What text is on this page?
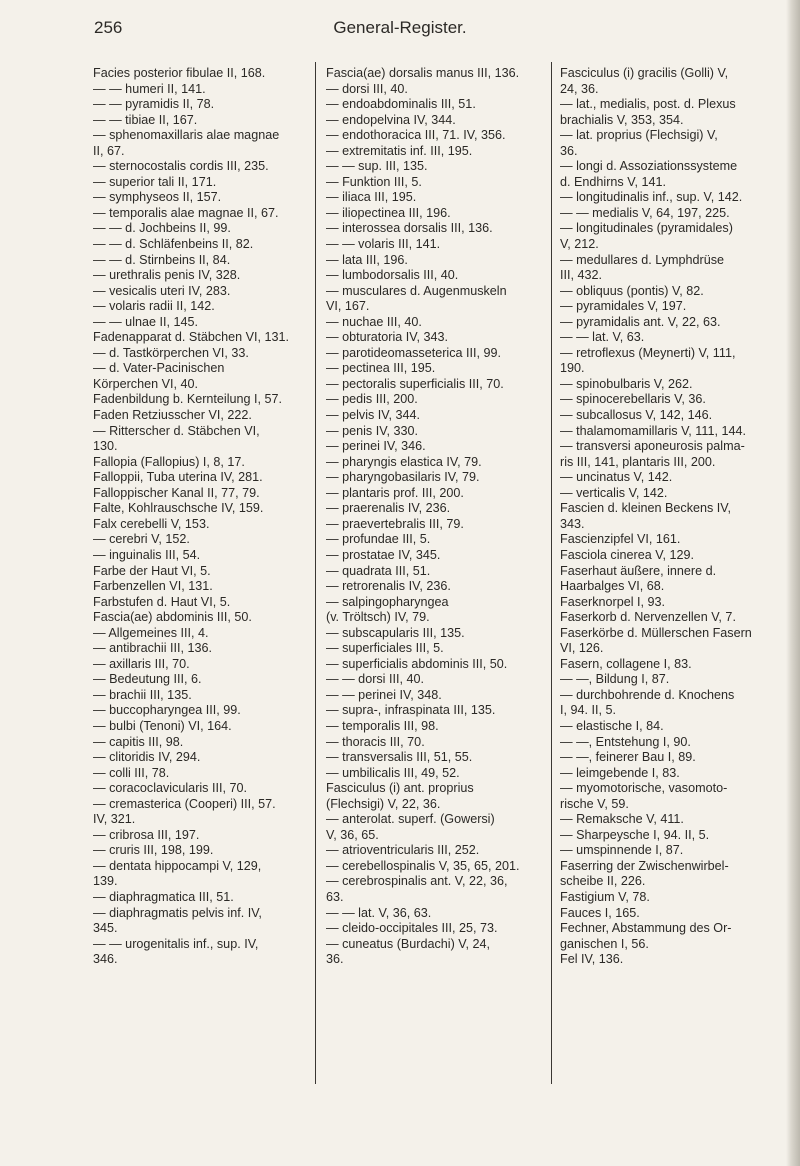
256	General-Register.
Facies posterior fibulae II, 168.
— — humeri II, 141.
— — pyramidis II, 78.
— — tibiae II, 167.
— sphenomaxillaris alae magnae
II, 67.
— sternocostalis cordis III, 235.
— superior tali II, 171.
— symphyseos II, 157.
— temporalis alae magnae II, 67.
— — d. Jochbeins II, 99.
— — d. Schläfenbeins II, 82.
— — d. Stirnbeins II, 84.
— urethralis penis IV, 328.
— vesicalis uteri IV, 283.
— volaris radii II, 142.
— — ulnae II, 145.
Fadenapparat d. Stäbchen VI, 131.
— d. Tastkörperchen VI, 33.
— d. Vater-Pacinischen
Körperchen VI, 40.
Fadenbildung b. Kernteilung I, 57.
Faden Retziusscher VI, 222.
— Ritterscher d. Stäbchen VI,
130.
Fallopia (Fallopius) I, 8, 17.
Falloppii, Tuba uterina IV, 281.
Falloppischer Kanal II, 77, 79.
Falte, Kohlrauschsche IV, 159.
Falx cerebelli V, 153.
— cerebri V, 152.
— inguinalis III, 54.
Farbe der Haut VI, 5.
Farbenzellen VI, 131.
Farbstufen d. Haut VI, 5.
Fascia(ae) abdominis III, 50.
— Allgemeines III, 4.
— antibrachii III, 136.
— axillaris III, 70.
— Bedeutung III, 6.
— brachii III, 135.
— buccopharyngea III, 99.
— bulbi (Tenoni) VI, 164.
— capitis III, 98.
— clitoridis IV, 294.
— colli III, 78.
— coracoclavicularis III, 70.
— cremasterica (Cooperi) III, 57.
IV, 321.
— cribrosa III, 197.
— cruris III, 198, 199.
— dentata hippocampi V, 129,
139.
— diaphragmatica III, 51.
— diaphragmatis pelvis inf. IV,
345.
— — urogenitalis inf., sup. IV,
346.
Fascia(ae) dorsalis manus III, 136.
— dorsi III, 40.
— endoabdominalis III, 51.
— endopelvina IV, 344.
— endothoracica III, 71. IV, 356.
— extremitatis inf. III, 195.
— — sup. III, 135.
— Funktion III, 5.
— iliaca III, 195.
— iliopectinea III, 196.
— interossea dorsalis III, 136.
— — volaris III, 141.
— lata III, 196.
— lumbodorsalis III, 40.
— musculares d. Augenmuskeln
VI, 167.
— nuchae III, 40.
— obturatoria IV, 343.
— parotideomasseterica III, 99.
— pectinea III, 195.
— pectoralis superficialis III, 70.
— pedis III, 200.
— pelvis IV, 344.
— penis IV, 330.
— perinei IV, 346.
— pharyngis elastica IV, 79.
— pharyngobasilaris IV, 79.
— plantaris prof. III, 200.
— praerenalis IV, 236.
— praevertebralis III, 79.
— profundae III, 5.
— prostatae IV, 345.
— quadrata III, 51.
— retrorenalis IV, 236.
— salpingopharyngea
(v. Tröltsch) IV, 79.
— subscapularis III, 135.
— superficiales III, 5.
— superficialis abdominis III, 50.
— — dorsi III, 40.
— — perinei IV, 348.
— supra-, infraspinata III, 135.
— temporalis III, 98.
— thoracis III, 70.
— transversalis III, 51, 55.
— umbilicalis III, 49, 52.
Fasciculus (i) ant. proprius
(Flechsigi) V, 22, 36.
— anterolat. superf. (Gowersi)
V, 36, 65.
— atrioventricularis III, 252.
— cerebellospinalis V, 35, 65, 201.
— cerebrospinalis ant. V, 22, 36,
63.
— — lat. V, 36, 63.
— cleido-occipitales III, 25, 73.
— cuneatus (Burdachi) V, 24,
36.
Fasciculus (i) gracilis (Golli) V,
24, 36.
— lat., medialis, post. d. Plexus
brachialis V, 353, 354.
— lat. proprius (Flechsigi) V,
36.
— longi d. Assoziationssysteme
d. Endhirns V, 141.
— longitudinalis inf., sup. V, 142.
— — medialis V, 64, 197, 225.
— longitudinales (pyramidales)
V, 212.
— medullares d. Lymphdrüse
III, 432.
— obliquus (pontis) V, 82.
— pyramidales V, 197.
— pyramidalis ant. V, 22, 63.
— — lat. V, 63.
— retroflexus (Meynerti) V, 111,
190.
— spinobulbaris V, 262.
— spinocerebellaris V, 36.
— subcallosus V, 142, 146.
— thalamomamillaris V, 111, 144.
— transversi aponeurosis palma-
ris III, 141, plantaris III, 200.
— uncinatus V, 142.
— verticalis V, 142.
Fascien d. kleinen Beckens IV,
343.
Fascienzipfel VI, 161.
Fasciola cinerea V, 129.
Faserhaut äußere, innere d.
Haarbalges VI, 68.
Faserknorpel I, 93.
Faserkorb d. Nervenzellen V, 7.
Faserkörbe d. Müllerschen Fasern
VI, 126.
Fasern, collagene I, 83.
— —, Bildung I, 87.
— durchbohrende d. Knochens
I, 94. II, 5.
— elastische I, 84.
— —, Entstehung I, 90.
— —, feinerer Bau I, 89.
— leimgebende I, 83.
— myomotorische, vasomoto-
rische V, 59.
— Remaksche V, 411.
— Sharpeysche I, 94. II, 5.
— umspinnende I, 87.
Faserring der Zwischenwirbel-
scheibe II, 226.
Fastigium V, 78.
Fauces I, 165.
Fechner, Abstammung des Or-
ganischen I, 56.
Fel IV, 136.
